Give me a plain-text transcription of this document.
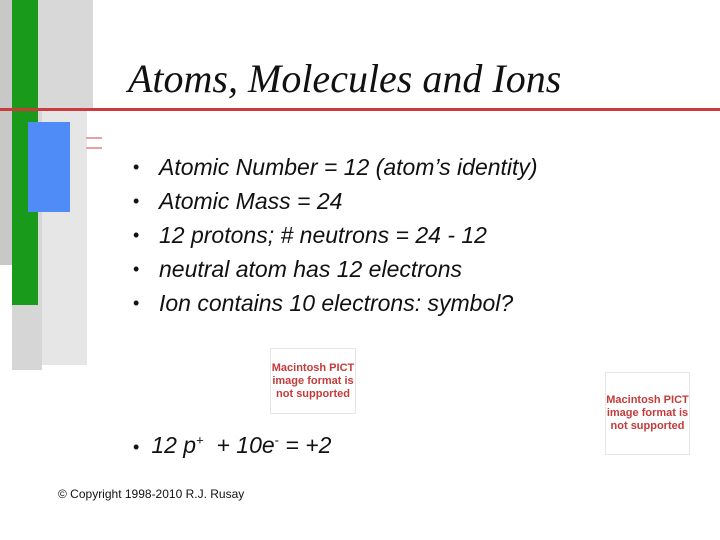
Atoms, Molecules and Ions
• Atomic Number = 12 (atom’s identity)
• Atomic Mass = 24
• 12 protons; # neutrons = 24 - 12
• neutral atom has 12 electrons
• Ion contains 10 electrons: symbol?
Macintosh PICT image format is not supported
Macintosh PICT image format is not supported
• 12 p+  + 10e- = +2
© Copyright 1998-2010 R.J. Rusay
